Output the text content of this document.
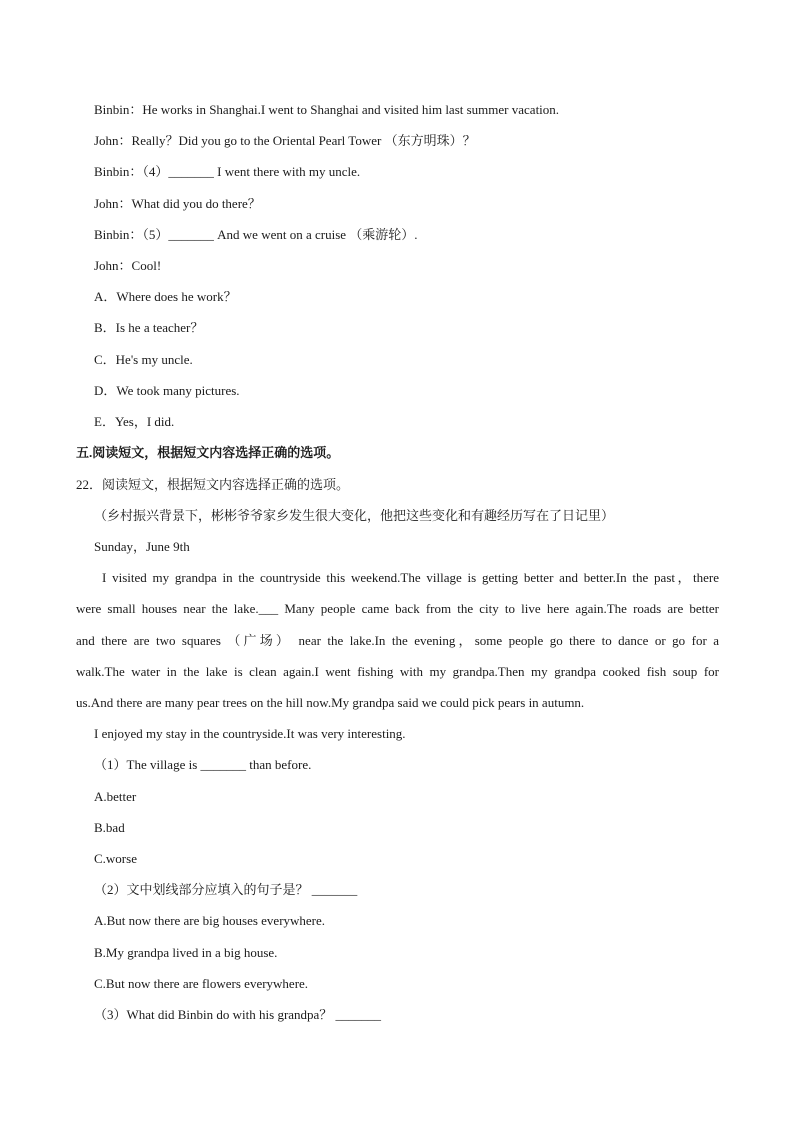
Binbin：He works in Shanghai.I went to Shanghai and visited him last summer vacation.
John：Really？Did you go to the Oriental Pearl Tower （东方明珠）？
Binbin：（4）_______ I went there with my uncle.
John：What did you do there？
Binbin：（5）_______ And we went on a cruise （乘游轮）.
John：Cool!
A．Where does he work？
B．Is he a teacher？
C．He's my uncle.
D．We took many pictures.
E．Yes，I did.
五.阅读短文，根据短文内容选择正确的选项。
22．阅读短文，根据短文内容选择正确的选项。
（乡村振兴背景下，彬彬爷爷家乡发生很大变化，他把这些变化和有趣经历写在了日记里）
Sunday，June 9th
I visited my grandpa in the countryside this weekend.The village is getting better and better.In the past，there
were small houses near the lake.___ Many people came back from the city to live here again.The roads are better
and there are two squares （广场） near the lake.In the evening，some people go there to dance or go for a
walk.The water in the lake is clean again.I went fishing with my grandpa.Then my grandpa cooked fish soup for
us.And there are many pear trees on the hill now.My grandpa said we could pick pears in autumn.
I enjoyed my stay in the countryside.It was very interesting.
（1）The village is _______ than before.
A.better
B.bad
C.worse
（2）文中划线部分应填入的句子是？ _______
A.But now there are big houses everywhere.
B.My grandpa lived in a big house.
C.But now there are flowers everywhere.
（3）What did Binbin do with his grandpa？ _______
